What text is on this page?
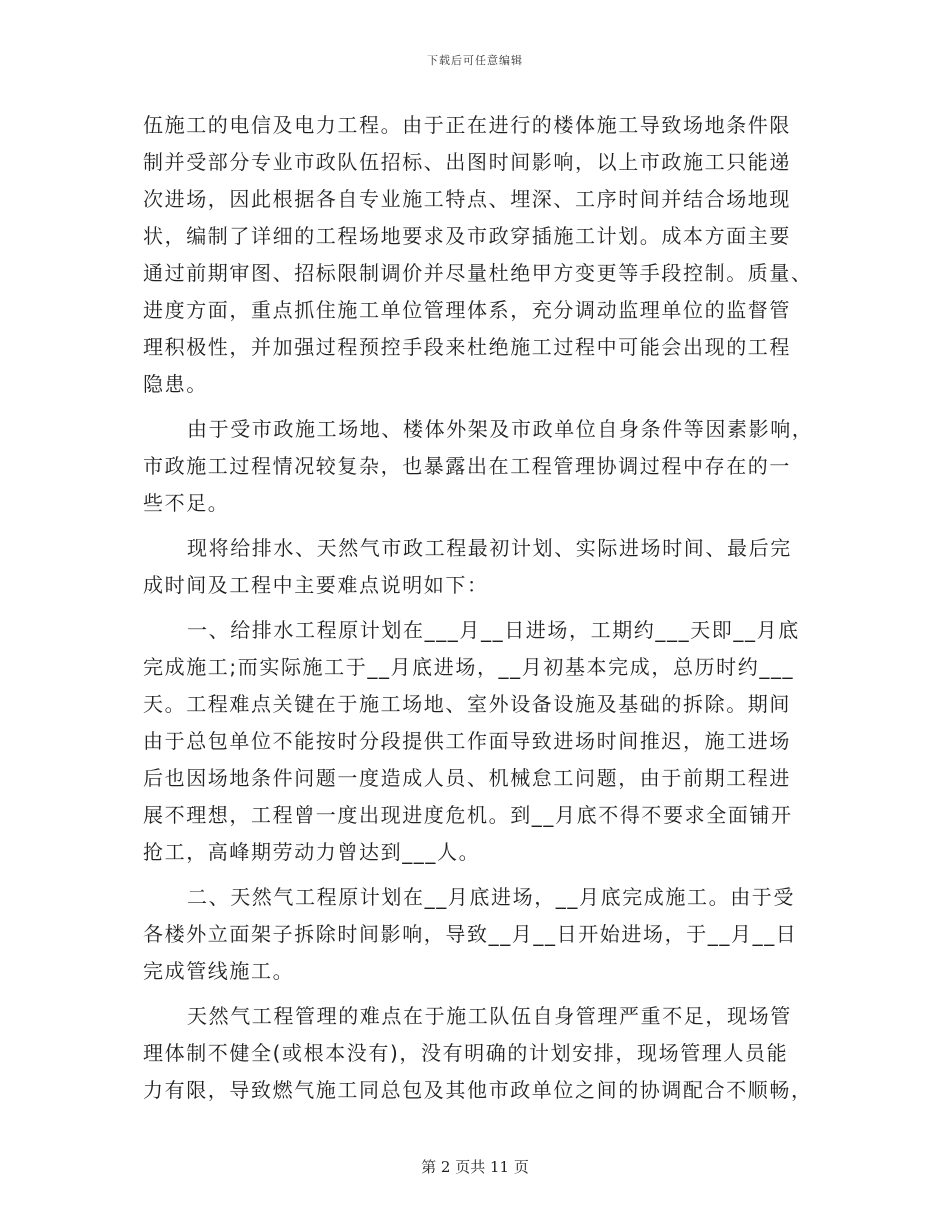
下载后可任意编辑
伍施工的电信及电力工程。由于正在进行的楼体施工导致场地条件限
制并受部分专业市政队伍招标、出图时间影响，以上市政施工只能递
次进场，因此根据各自专业施工特点、埋深、工序时间并结合场地现
状，编制了详细的工程场地要求及市政穿插施工计划。成本方面主要
通过前期审图、招标限制调价并尽量杜绝甲方变更等手段控制。质量、
进度方面，重点抓住施工单位管理体系，充分调动监理单位的监督管
理积极性，并加强过程预控手段来杜绝施工过程中可能会出现的工程
隐患。
由于受市政施工场地、楼体外架及市政单位自身条件等因素影响，
市政施工过程情况较复杂，也暴露出在工程管理协调过程中存在的一
些不足。
现将给排水、天然气市政工程最初计划、实际进场时间、最后完
成时间及工程中主要难点说明如下：
一、给排水工程原计划在___月__日进场，工期约___天即__月底
完成施工;而实际施工于__月底进场，__月初基本完成，总历时约___
天。工程难点关键在于施工场地、室外设备设施及基础的拆除。期间
由于总包单位不能按时分段提供工作面导致进场时间推迟，施工进场
后也因场地条件问题一度造成人员、机械怠工问题，由于前期工程进
展不理想，工程曾一度出现进度危机。到__月底不得不要求全面铺开
抢工，高峰期劳动力曾达到___人。
二、天然气工程原计划在__月底进场，__月底完成施工。由于受
各楼外立面架子拆除时间影响，导致__月__日开始进场，于__月__日
完成管线施工。
天然气工程管理的难点在于施工队伍自身管理严重不足，现场管
理体制不健全(或根本没有)，没有明确的计划安排，现场管理人员能
力有限，导致燃气施工同总包及其他市政单位之间的协调配合不顺畅，
第 2 页共 11 页
